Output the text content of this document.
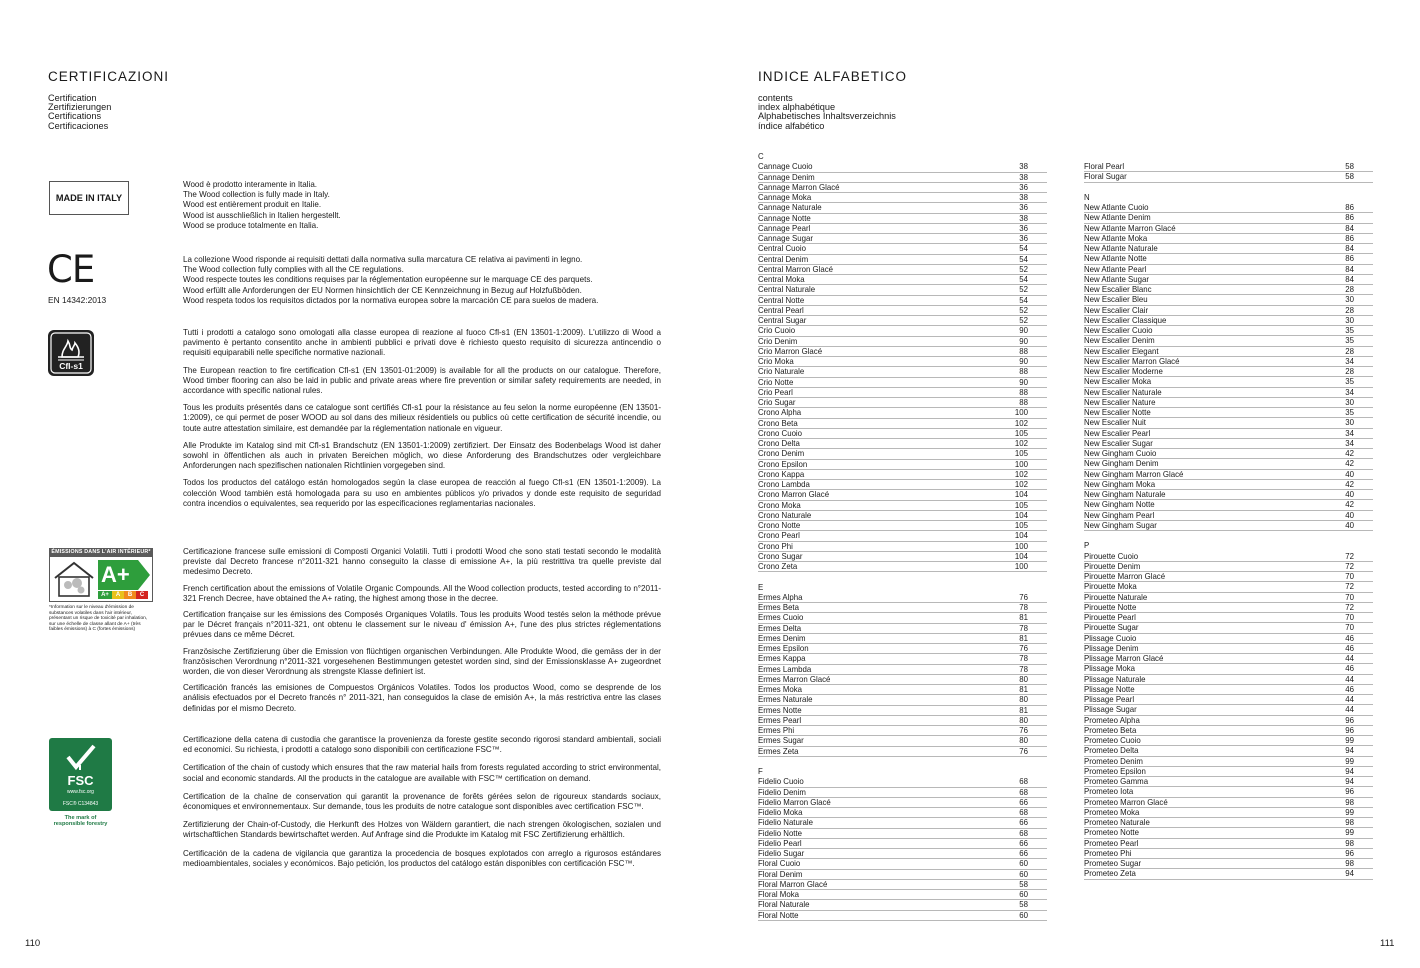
CERTIFICAZIONI
Certification
Zertifizierungen
Certifications
Certificaciones
MADE IN ITALY
Wood è prodotto interamente in Italia.
The Wood collection is fully made in Italy.
Wood est entièrement produit en Italie.
Wood ist ausschließlich in Italien hergestellt.
Wood se produce totalmente en Italia.
CE
EN 14342:2013
La collezione Wood risponde ai requisiti dettati dalla normativa sulla marcatura CE relativa ai pavimenti in legno.
The Wood collection fully complies with all the CE regulations.
Wood respecte toutes les conditions requises par la réglementation européenne sur le marquage CE des parquets.
Wood erfüllt alle Anforderungen der EU Normen hinsichtlich der CE Kennzeichnung in Bezug auf Holzfußböden.
Wood respeta todos los requisitos dictados por la normativa europea sobre la marcación CE para suelos de madera.
Cfl-s1

Tutti i prodotti a catalogo sono omologati alla classe europea di reazione al fuoco Cfl-s1 (EN 13501-1:2009). L'utilizzo di Wood a pavimento è pertanto consentito anche in ambienti pubblici e privati dove è richiesto questo requisito di sicurezza antincendio o requisiti equiparabili nelle specifiche normative nazionali.

The European reaction to fire certification Cfl-s1 (EN 13501-01:2009) is available for all the products on our catalogue. Therefore, Wood timber flooring can also be laid in public and private areas where fire prevention or similar safety requirements are needed, in accordance with specific national rules.

Tous les produits présentés dans ce catalogue sont certifiés Cfl-s1 pour la résistance au feu selon la norme européenne (EN 13501-1:2009), ce qui permet de poser WOOD au sol dans des milieux résidentiels ou publics où cette certification de sécurité incendie, ou toute autre attestation similaire, est demandée par la réglementation nationale en vigueur.

Alle Produkte im Katalog sind mit Cfl-s1 Brandschutz (EN 13501-1:2009) zertifiziert. Der Einsatz des Bodenbelags Wood ist daher sowohl in öffentlichen als auch in privaten Bereichen möglich, wo diese Anforderung des Brandschutzes oder vergleichbare Anforderungen nach spezifischen nationalen Richtlinien vorgegeben sind.

Todos los productos del catálogo están homologados según la clase europea de reacción al fuego Cfl-s1 (EN 13501-1:2009). La colección Wood también está homologada para su uso en ambientes públicos y/o privados y donde este requisito de seguridad contra incendios o equivalentes, sea requerido por las especificaciones reglamentarias nacionales.

ÉMISSIONS DANS L'AIR INTÉRIEUR*
A+
A+	A	B	C
*Information sur le niveau d'émission de substances volatiles dans l'air intérieur, présentant un risque de toxicité par inhalation, sur une échelle de classe allant de A+ (très faibles émissions) à C (fortes émissions)

Certificazione francese sulle emissioni di Composti Organici Volatili. Tutti i prodotti Wood che sono stati testati secondo le modalità previste dal Decreto francese n°2011-321 hanno conseguito la classe di emissione A+, la più restrittiva tra quelle previste dal medesimo Decreto.

French certification about the emissions of Volatile Organic Compounds. All the Wood collection products, tested according to n°2011-321 French Decree, have obtained the A+ rating, the highest among those in the decree.

Certification française sur les émissions des Composés Organiques Volatils. Tous les produits Wood testés selon la méthode prévue par le Décret français n°2011-321, ont obtenu le classement sur le niveau d' émission A+, l'une des plus strictes réglementations prévues dans ce même Décret.

Französische Zertifizierung über die Emission von flüchtigen organischen Verbindungen. Alle Produkte Wood, die gemäss der in der französischen Verordnung n°2011-321 vorgesehenen Bestimmungen getestet worden sind, sind der Emissionsklasse A+ zugeordnet worden, die von dieser Verordnung als strengste Klasse definiert ist.

Certificación francés las emisiones de Compuestos Orgánicos Volatiles. Todos los productos Wood, como se desprende de los análisis efectuados por el Decreto francés n° 2011-321, han conseguidos la clase de emisión A+, la más restrictiva entre las clases definidas por el mismo Decreto.

FSC
www.fsc.org
FSC® C134843
The mark of
responsible forestry

Certificazione della catena di custodia che garantisce la provenienza da foreste gestite secondo rigorosi standard ambientali, sociali ed economici. Su richiesta, i prodotti a catalogo sono disponibili con certificazione FSC™.

Certification of the chain of custody which ensures that the raw material hails from forests regulated according to strict environmental, social and economic standards. All the products in the catalogue are available with FSC™ certification on demand.

Certification de la chaîne de conservation qui garantit la provenance de forêts gérées selon de rigoureux standards sociaux, économiques et environnementaux. Sur demande, tous les produits de notre catalogue sont disponibles avec certification FSC™.

Zertifizierung der Chain-of-Custody, die Herkunft des Holzes von Wäldern garantiert, die nach strengen ökologischen, sozialen und wirtschaftlichen Standards bewirtschaftet werden. Auf Anfrage sind die Produkte im Katalog mit FSC Zertifizierung erhältlich.

Certificación de la cadena de vigilancia que garantiza la procedencia de bosques explotados con arreglo a rigurosos estándares medioambientales, sociales y económicos. Bajo petición, los productos del catálogo están disponibles con certificación FSC™.

110
INDICE ALFABETICO
contents
index alphabétique
Alphabetisches Inhaltsverzeichnis
índice alfabético
C
Cannage Cuoio	38
Cannage Denim	38
Cannage Marron Glacé	36
Cannage Moka	38
Cannage Naturale	36
Cannage Notte	38
Cannage Pearl	36
Cannage Sugar	36
Central Cuoio	54
Central Denim	54
Central Marron Glacé	52
Central Moka	54
Central Naturale	52
Central Notte	54
Central Pearl	52
Central Sugar	52
Crio Cuoio	90
Crio Denim	90
Crio Marron Glacé	88
Crio Moka	90
Crio Naturale	88
Crio Notte	90
Crio Pearl	88
Crio Sugar	88
Crono Alpha	100
Crono Beta	102
Crono Cuoio	105
Crono Delta	102
Crono Denim	105
Crono Epsilon	100
Crono Kappa	102
Crono Lambda	102
Crono Marron Glacé	104
Crono Moka	105
Crono Naturale	104
Crono Notte	105
Crono Pearl	104
Crono Phi	100
Crono Sugar	104
Crono Zeta	100
E
Ermes Alpha	76
Ermes Beta	78
Ermes Cuoio	81
Ermes Delta	78
Ermes Denim	81
Ermes Epsilon	76
Ermes Kappa	78
Ermes Lambda	78
Ermes Marron Glacé	80
Ermes Moka	81
Ermes Naturale	80
Ermes Notte	81
Ermes Pearl	80
Ermes Phi	76
Ermes Sugar	80
Ermes Zeta	76
F
Fidelio Cuoio	68
Fidelio Denim	68
Fidelio Marron Glacé	66
Fidelio Moka	68
Fidelio Naturale	66
Fidelio Notte	68
Fidelio Pearl	66
Fidelio Sugar	66
Floral Cuoio	60
Floral Denim	60
Floral Marron Glacé	58
Floral Moka	60
Floral Naturale	58
Floral Notte	60
Floral Pearl	58
Floral Sugar	58
N
New Atlante Cuoio	86
New Atlante Denim	86
New Atlante Marron Glacé	84
New Atlante Moka	86
New Atlante Naturale	84
New Atlante Notte	86
New Atlante Pearl	84
New Atlante Sugar	84
New Escalier Blanc	28
New Escalier Bleu	30
New Escalier Clair	28
New Escalier Classique	30
New Escalier Cuoio	35
New Escalier Denim	35
New Escalier Elegant	28
New Escalier Marron Glacé	34
New Escalier Moderne	28
New Escalier Moka	35
New Escalier Naturale	34
New Escalier Nature	30
New Escalier Notte	35
New Escalier Nuit	30
New Escalier Pearl	34
New Escalier Sugar	34
New Gingham Cuoio	42
New Gingham Denim	42
New Gingham Marron Glacé	40
New Gingham Moka	42
New Gingham Naturale	40
New Gingham Notte	42
New Gingham Pearl	40
New Gingham Sugar	40
P
Pirouette Cuoio	72
Pirouette Denim	72
Pirouette Marron Glacé	70
Pirouette Moka	72
Pirouette Naturale	70
Pirouette Notte	72
Pirouette Pearl	70
Pirouette Sugar	70
Plissage Cuoio	46
Plissage Denim	46
Plissage Marron Glacé	44
Plissage Moka	46
Plissage Naturale	44
Plissage Notte	46
Plissage Pearl	44
Plissage Sugar	44
Prometeo Alpha	96
Prometeo Beta	96
Prometeo Cuoio	99
Prometeo Delta	94
Prometeo Denim	99
Prometeo Epsilon	94
Prometeo Gamma	94
Prometeo Iota	96
Prometeo Marron Glacé	98
Prometeo Moka	99
Prometeo Naturale	98
Prometeo Notte	99
Prometeo Pearl	98
Prometeo Phi	96
Prometeo Sugar	98
Prometeo Zeta	94
111
